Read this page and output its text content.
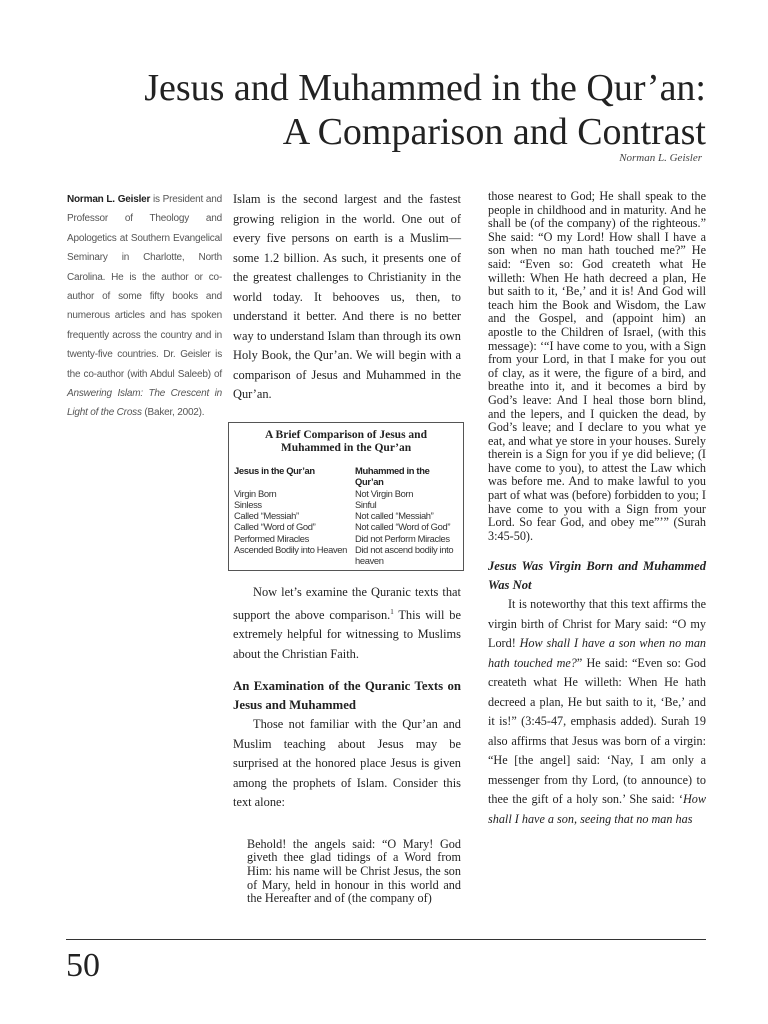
Jesus and Muhammed in the Qur’an:
A Comparison and Contrast
Norman L. Geisler
Norman L. Geisler is President and Professor of Theology and Apologetics at Southern Evangelical Seminary in Charlotte, North Carolina. He is the author or co-author of some fifty books and numerous articles and has spoken frequently across the country and in twenty-five countries. Dr. Geisler is the co-author (with Abdul Saleeb) of Answering Islam: The Crescent in Light of the Cross (Baker, 2002).

Islam is the second largest and the fastest growing religion in the world. One out of every five persons on earth is a Muslim—some 1.2 billion. As such, it presents one of the greatest challenges to Christianity in the world today. It behooves us, then, to understand it better. And there is no better way to understand Islam than through its own Holy Book, the Qur’an. We will begin with a comparison of Jesus and Muhammed in the Qur’an.

A Brief Comparison of Jesus and Muhammed in the Qur’an
Jesus in the Qur’an	Muhammed in the Qur’an
Virgin Born	Not Virgin Born
Sinless	Sinful
Called “Messiah”	Not called “Messiah”
Called “Word of God”	Not called “Word of God”
Performed Miracles	Did not Perform Miracles
Ascended Bodily into Heaven	Did not ascend bodily into heaven

Now let’s examine the Quranic texts that support the above comparison.$^1$ This will be extremely helpful for witnessing to Muslims about the Christian Faith.

An Examination of the Quranic Texts on Jesus and Muhammed

Those not familiar with the Qur’an and Muslim teaching about Jesus may be surprised at the honored place Jesus is given among the prophets of Islam. Consider this text alone:

Behold! the angels said: “O Mary! God giveth thee glad tidings of a Word from Him: his name will be Christ Jesus, the son of Mary, held in honour in this world and the Hereafter and of (the company of)

those nearest to God; He shall speak to the people in childhood and in maturity. And he shall be (of the company) of the righteous.” She said: “O my Lord! How shall I have a son when no man hath touched me?” He said: “Even so: God createth what He willeth: When He hath decreed a plan, He but saith to it, ‘Be,’ and it is! And God will teach him the Book and Wisdom, the Law and the Gospel, and (appoint him) an apostle to the Children of Israel, (with this message): ‘“I have come to you, with a Sign from your Lord, in that I make for you out of clay, as it were, the figure of a bird, and breathe into it, and it becomes a bird by God’s leave: And I heal those born blind, and the lepers, and I quicken the dead, by God’s leave; and I declare to you what ye eat, and what ye store in your houses. Surely therein is a Sign for you if ye did believe; (I have come to you), to attest the Law which was before me. And to make lawful to you part of what was (before) forbidden to you; I have come to you with a Sign from your Lord. So fear God, and obey me”’” (Surah 3:45-50).

Jesus Was Virgin Born and Muhammed Was Not

It is noteworthy that this text affirms the virgin birth of Christ for Mary said: “O my Lord! How shall I have a son when no man hath touched me?” He said: “Even so: God createth what He willeth: When He hath decreed a plan, He but saith to it, ‘Be,’ and it is!” (3:45-47, emphasis added). Surah 19 also affirms that Jesus was born of a virgin: “He [the angel] said: ‘Nay, I am only a messenger from thy Lord, (to announce) to thee the gift of a holy son.’ She said: ‘How shall I have a son, seeing that no man has

50
